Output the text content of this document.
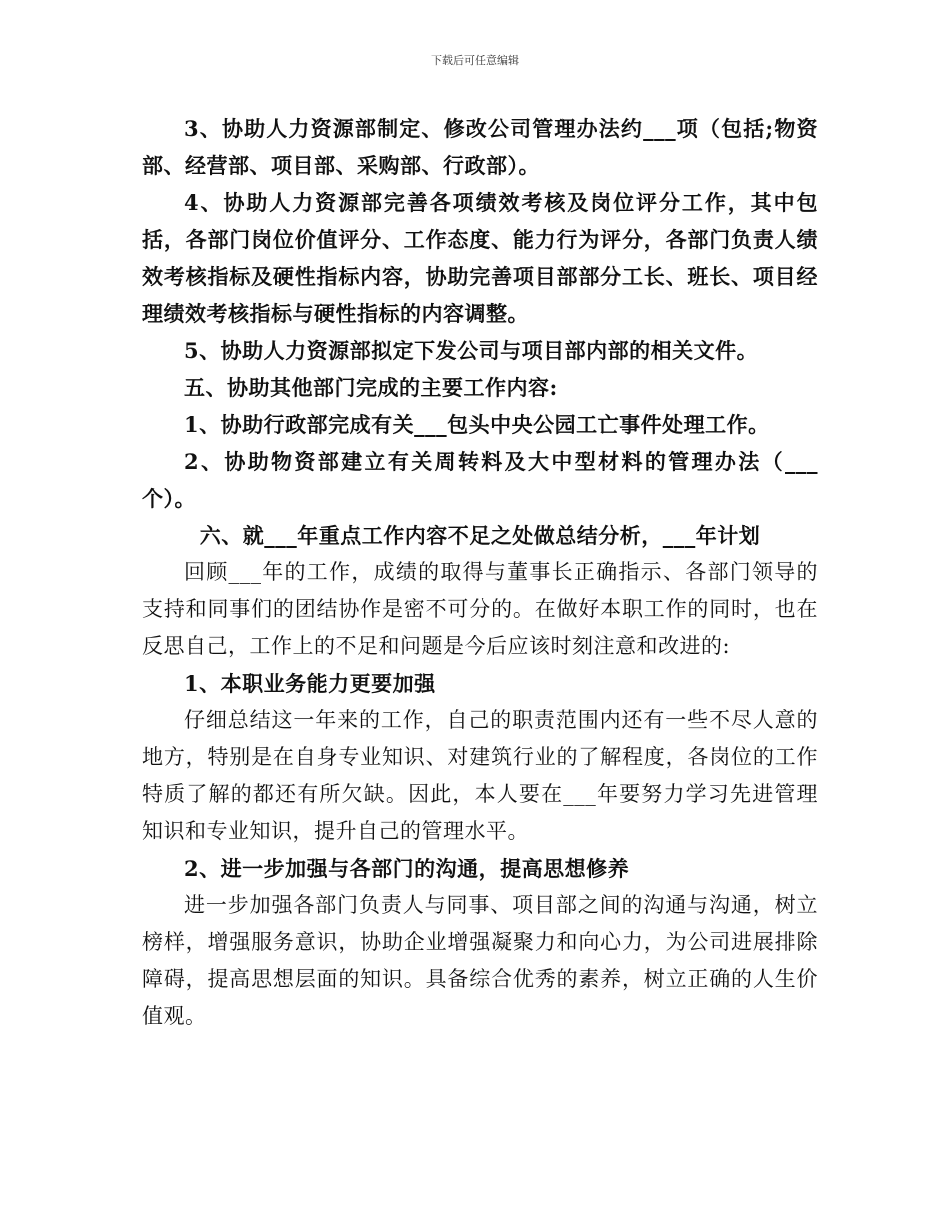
下载后可任意编辑

3、协助人力资源部制定、修改公司管理办法约___项（包括;物资部、经营部、项目部、采购部、行政部）。

4、协助人力资源部完善各项绩效考核及岗位评分工作，其中包括，各部门岗位价值评分、工作态度、能力行为评分，各部门负责人绩效考核指标及硬性指标内容，协助完善项目部部分工长、班长、项目经理绩效考核指标与硬性指标的内容调整。

5、协助人力资源部拟定下发公司与项目部内部的相关文件。

五、协助其他部门完成的主要工作内容:

1、协助行政部完成有关___包头中央公园工亡事件处理工作。

2、协助物资部建立有关周转料及大中型材料的管理办法（___个）。

六、就___年重点工作内容不足之处做总结分析，___年计划

回顾___年的工作，成绩的取得与董事长正确指示、各部门领导的支持和同事们的团结协作是密不可分的。在做好本职工作的同时，也在反思自己，工作上的不足和问题是今后应该时刻注意和改进的:

1、本职业务能力更要加强

仔细总结这一年来的工作，自己的职责范围内还有一些不尽人意的地方，特别是在自身专业知识、对建筑行业的了解程度，各岗位的工作特质了解的都还有所欠缺。因此，本人要在___年要努力学习先进管理知识和专业知识，提升自己的管理水平。

2、进一步加强与各部门的沟通，提高思想修养

进一步加强各部门负责人与同事、项目部之间的沟通与沟通，树立榜样，增强服务意识，协助企业增强凝聚力和向心力，为公司进展排除障碍，提高思想层面的知识。具备综合优秀的素养，树立正确的人生价值观。
